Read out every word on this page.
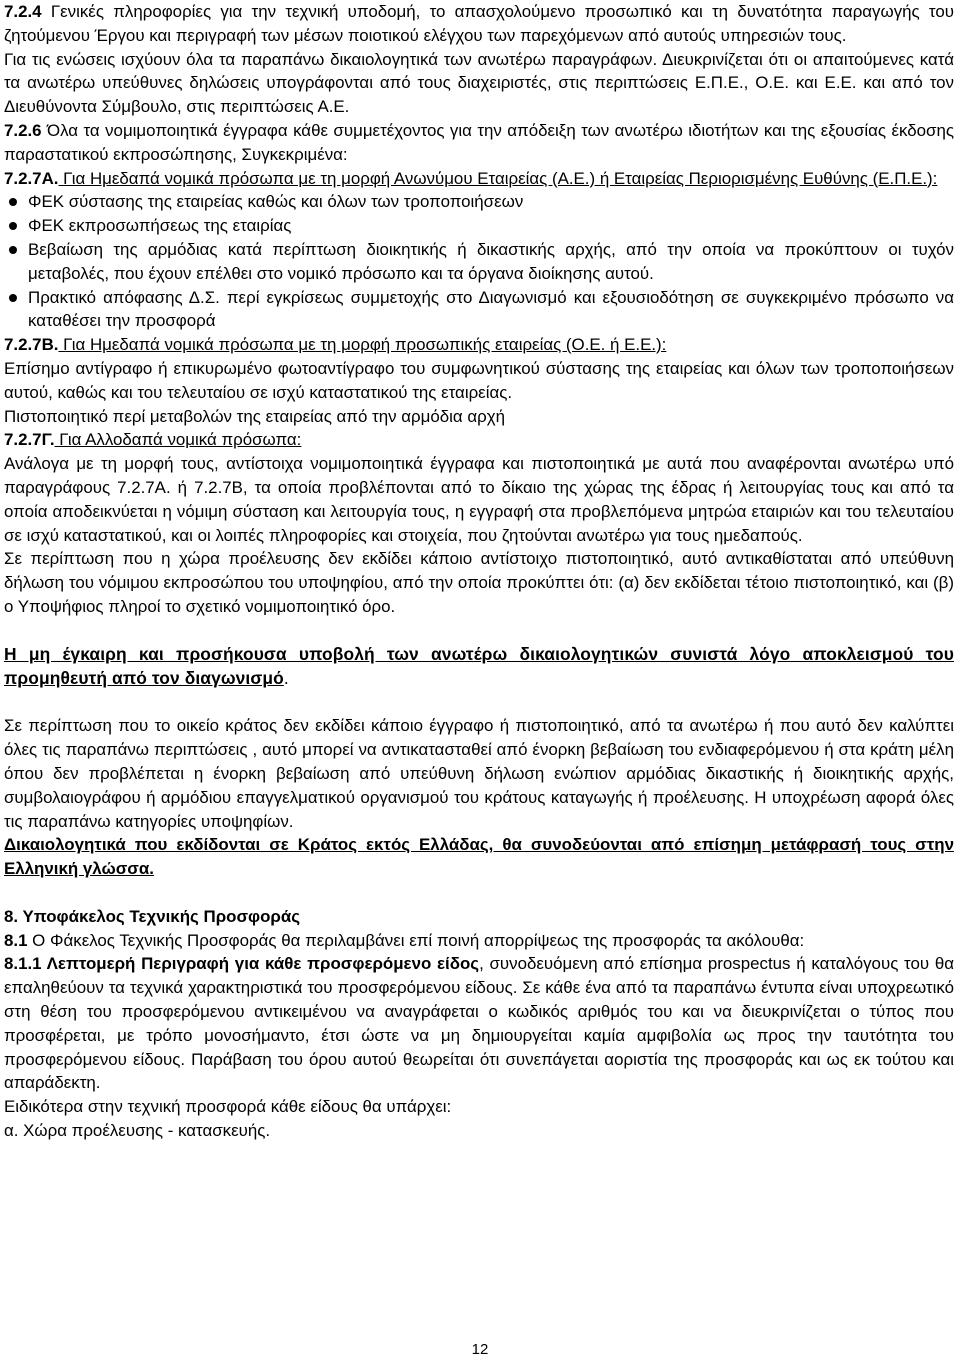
7.2.4 Γενικές πληροφορίες για την τεχνική υποδομή, το απασχολούμενο προσωπικό και τη δυνατότητα παραγωγής του ζητούμενου Έργου και περιγραφή των μέσων ποιοτικού ελέγχου των παρεχόμενων από αυτούς υπηρεσιών τους.

Για τις ενώσεις ισχύουν όλα τα παραπάνω δικαιολογητικά των ανωτέρω παραγράφων. Διευκρινίζεται ότι οι απαιτούμενες κατά τα ανωτέρω υπεύθυνες δηλώσεις υπογράφονται από τους διαχειριστές, στις περιπτώσεις Ε.Π.Ε., Ο.Ε. και Ε.Ε. και από τον Διευθύνοντα Σύμβουλο, στις περιπτώσεις Α.Ε.

7.2.6 Όλα τα νομιμοποιητικά έγγραφα κάθε συμμετέχοντος για την απόδειξη των ανωτέρω ιδιοτήτων και της εξουσίας έκδοσης παραστατικού εκπροσώπησης, Συγκεκριμένα:

7.2.7Α. Για Ημεδαπά νομικά πρόσωπα με τη μορφή Ανωνύμου Εταιρείας (Α.Ε.) ή Εταιρείας Περιορισμένης Ευθύνης (Ε.Π.Ε.):

ΦΕΚ σύστασης της εταιρείας καθώς και όλων των τροποποιήσεων
ΦΕΚ εκπροσωπήσεως της εταιρίας
Βεβαίωση της αρμόδιας κατά περίπτωση διοικητικής ή δικαστικής αρχής, από την οποία να προκύπτουν οι τυχόν μεταβολές, που έχουν επέλθει στο νομικό πρόσωπο και τα όργανα διοίκησης αυτού.
Πρακτικό απόφασης Δ.Σ. περί εγκρίσεως συμμετοχής στο Διαγωνισμό και εξουσιοδότηση σε συγκεκριμένο πρόσωπο να καταθέσει την προσφορά

7.2.7Β. Για Ημεδαπά νομικά πρόσωπα με τη μορφή προσωπικής εταιρείας (Ο.Ε. ή Ε.Ε.):

Επίσημο αντίγραφο ή επικυρωμένο φωτοαντίγραφο του συμφωνητικού σύστασης της εταιρείας και όλων των τροποποιήσεων αυτού, καθώς και του τελευταίου σε ισχύ καταστατικού της εταιρείας.

Πιστοποιητικό περί μεταβολών της εταιρείας από την αρμόδια αρχή

7.2.7Γ. Για Αλλοδαπά νομικά πρόσωπα:

Ανάλογα με τη μορφή τους, αντίστοιχα νομιμοποιητικά έγγραφα και πιστοποιητικά με αυτά που αναφέρονται ανωτέρω υπό παραγράφους 7.2.7Α. ή 7.2.7Β, τα οποία προβλέπονται από το δίκαιο της χώρας της έδρας ή λειτουργίας τους και από τα οποία αποδεικνύεται η νόμιμη σύσταση και λειτουργία τους, η εγγραφή στα προβλεπόμενα μητρώα εταιριών και του τελευταίου σε ισχύ καταστατικού, και οι λοιπές πληροφορίες και στοιχεία, που ζητούνται ανωτέρω για τους ημεδαπούς.

Σε περίπτωση που η χώρα προέλευσης δεν εκδίδει κάποιο αντίστοιχο πιστοποιητικό, αυτό αντικαθίσταται από υπεύθυνη δήλωση του νόμιμου εκπροσώπου του υποψηφίου, από την οποία προκύπτει ότι: (α) δεν εκδίδεται τέτοιο πιστοποιητικό, και (β) ο Υποψήφιος πληροί το σχετικό νομιμοποιητικό όρο.

Η μη έγκαιρη και προσήκουσα υποβολή των ανωτέρω δικαιολογητικών συνιστά λόγο αποκλεισμού του προμηθευτή από τον διαγωνισμό.

Σε περίπτωση που το οικείο κράτος δεν εκδίδει κάποιο έγγραφο ή πιστοποιητικό, από τα ανωτέρω ή που αυτό δεν καλύπτει όλες τις παραπάνω περιπτώσεις , αυτό μπορεί να αντικατασταθεί από ένορκη βεβαίωση του ενδιαφερόμενου ή στα κράτη μέλη όπου δεν προβλέπεται η ένορκη βεβαίωση από υπεύθυνη δήλωση ενώπιον αρμόδιας δικαστικής ή διοικητικής αρχής, συμβολαιογράφου ή αρμόδιου επαγγελματικού οργανισμού του κράτους καταγωγής ή προέλευσης. Η υποχρέωση αφορά όλες τις παραπάνω κατηγορίες υποψηφίων.

Δικαιολογητικά που εκδίδονται σε Κράτος εκτός Ελλάδας, θα συνοδεύονται από επίσημη μετάφρασή τους στην Ελληνική γλώσσα.

8. Υποφάκελος Τεχνικής Προσφοράς

8.1 Ο Φάκελος Τεχνικής Προσφοράς θα περιλαμβάνει επί ποινή απορρίψεως της προσφοράς τα ακόλουθα:

8.1.1 Λεπτομερή Περιγραφή για κάθε προσφερόμενο είδος, συνοδευόμενη από επίσημα prospectus ή καταλόγους του θα επαληθεύουν τα τεχνικά χαρακτηριστικά του προσφερόμενου είδους. Σε κάθε ένα από τα παραπάνω έντυπα είναι υποχρεωτικό στη θέση του προσφερόμενου αντικειμένου να αναγράφεται ο κωδικός αριθμός του και να διευκρινίζεται ο τύπος που προσφέρεται, με τρόπο μονοσήμαντο, έτσι ώστε να μη δημιουργείται καμία αμφιβολία ως προς την ταυτότητα του προσφερόμενου είδους. Παράβαση του όρου αυτού θεωρείται ότι συνεπάγεται αοριστία της προσφοράς και ως εκ τούτου και απαράδεκτη.

Ειδικότερα στην τεχνική προσφορά κάθε είδους θα υπάρχει:

α. Χώρα προέλευσης - κατασκευής.

12
